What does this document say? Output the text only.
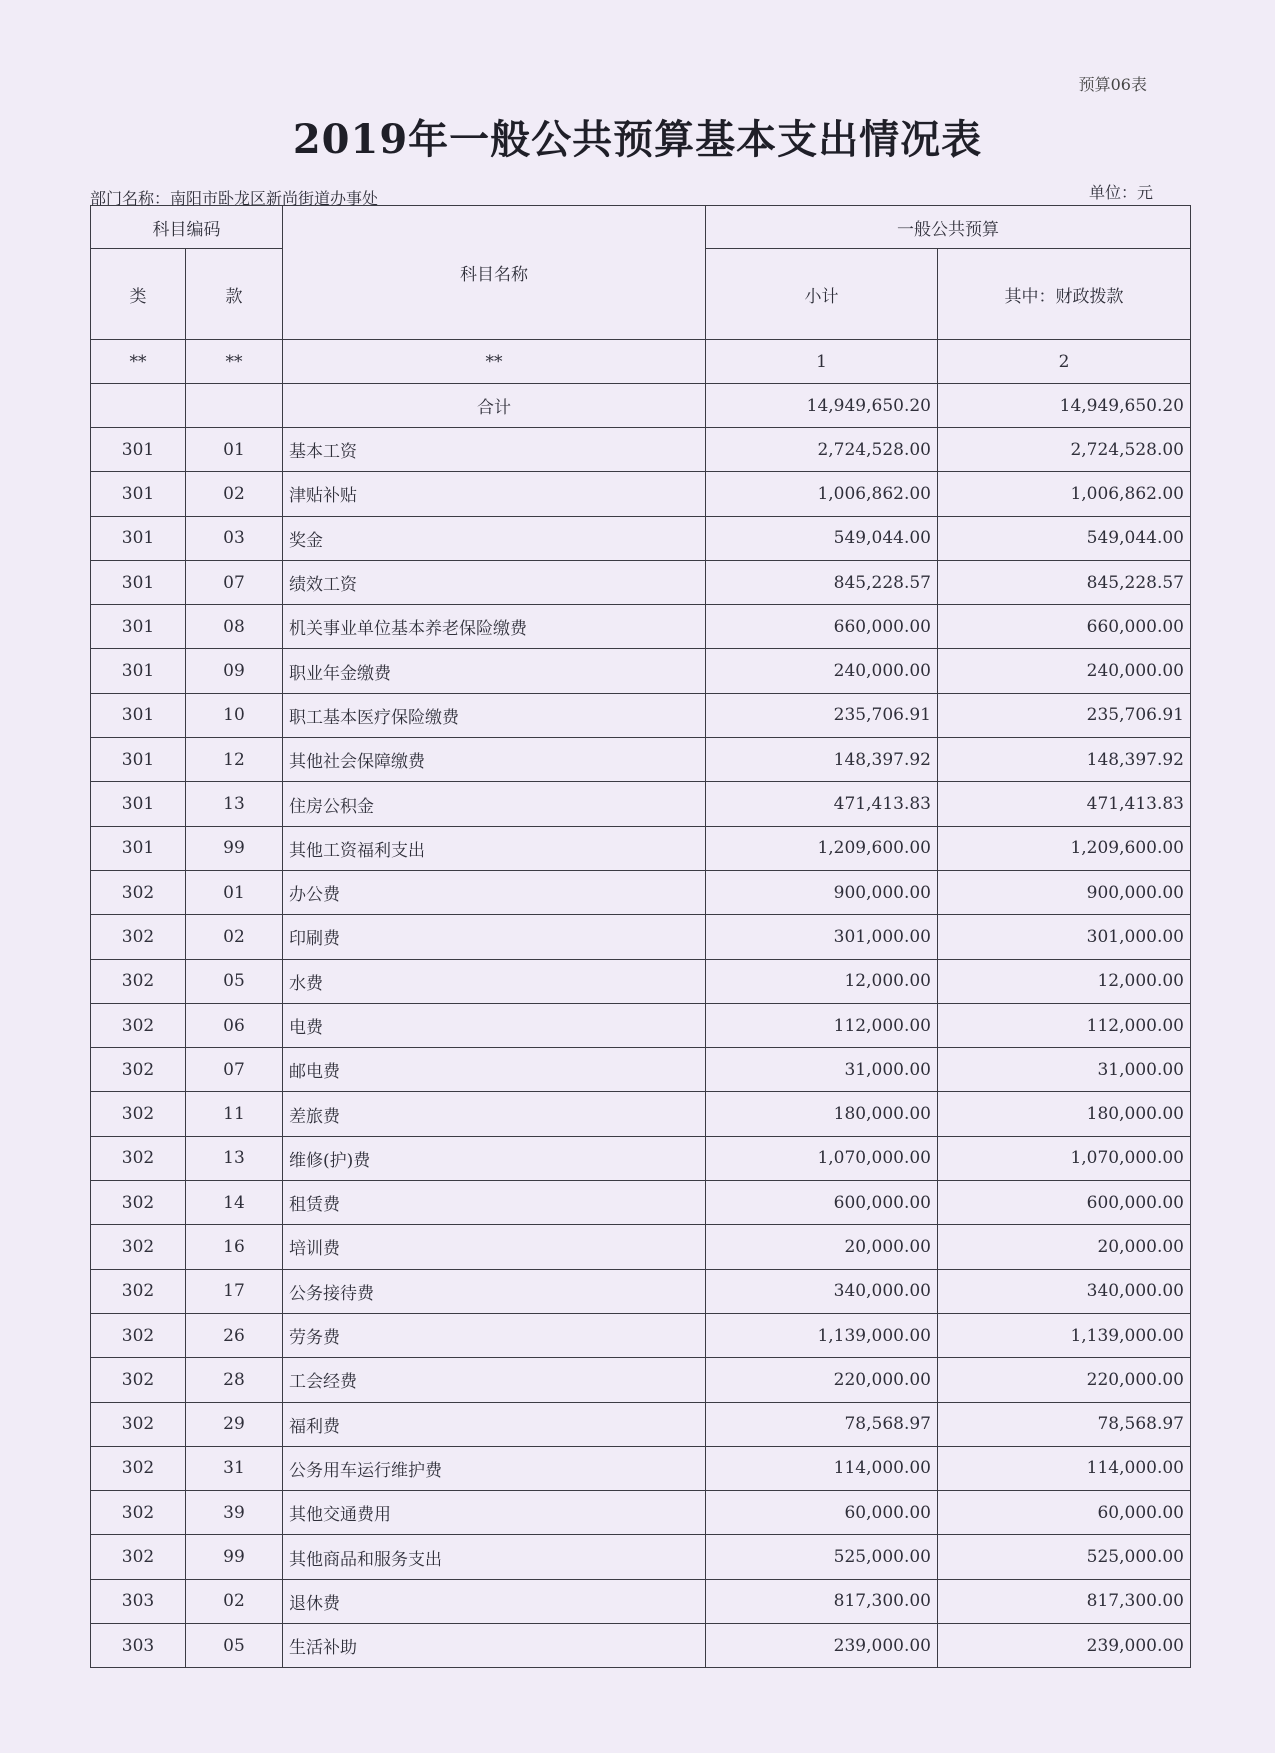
预算06表
2019年一般公共预算基本支出情况表
部门名称：南阳市卧龙区新尚街道办事处	单位：元
科目编码		科目名称	一般公共预算	
类	款		小计	其中：财政拨款
**	**	**	1	2
		合计	14,949,650.20	14,949,650.20
301	01	基本工资	2,724,528.00	2,724,528.00
301	02	津贴补贴	1,006,862.00	1,006,862.00
301	03	奖金	549,044.00	549,044.00
301	07	绩效工资	845,228.57	845,228.57
301	08	机关事业单位基本养老保险缴费	660,000.00	660,000.00
301	09	职业年金缴费	240,000.00	240,000.00
301	10	职工基本医疗保险缴费	235,706.91	235,706.91
301	12	其他社会保障缴费	148,397.92	148,397.92
301	13	住房公积金	471,413.83	471,413.83
301	99	其他工资福利支出	1,209,600.00	1,209,600.00
302	01	办公费	900,000.00	900,000.00
302	02	印刷费	301,000.00	301,000.00
302	05	水费	12,000.00	12,000.00
302	06	电费	112,000.00	112,000.00
302	07	邮电费	31,000.00	31,000.00
302	11	差旅费	180,000.00	180,000.00
302	13	维修(护)费	1,070,000.00	1,070,000.00
302	14	租赁费	600,000.00	600,000.00
302	16	培训费	20,000.00	20,000.00
302	17	公务接待费	340,000.00	340,000.00
302	26	劳务费	1,139,000.00	1,139,000.00
302	28	工会经费	220,000.00	220,000.00
302	29	福利费	78,568.97	78,568.97
302	31	公务用车运行维护费	114,000.00	114,000.00
302	39	其他交通费用	60,000.00	60,000.00
302	99	其他商品和服务支出	525,000.00	525,000.00
303	02	退休费	817,300.00	817,300.00
303	05	生活补助	239,000.00	239,000.00
